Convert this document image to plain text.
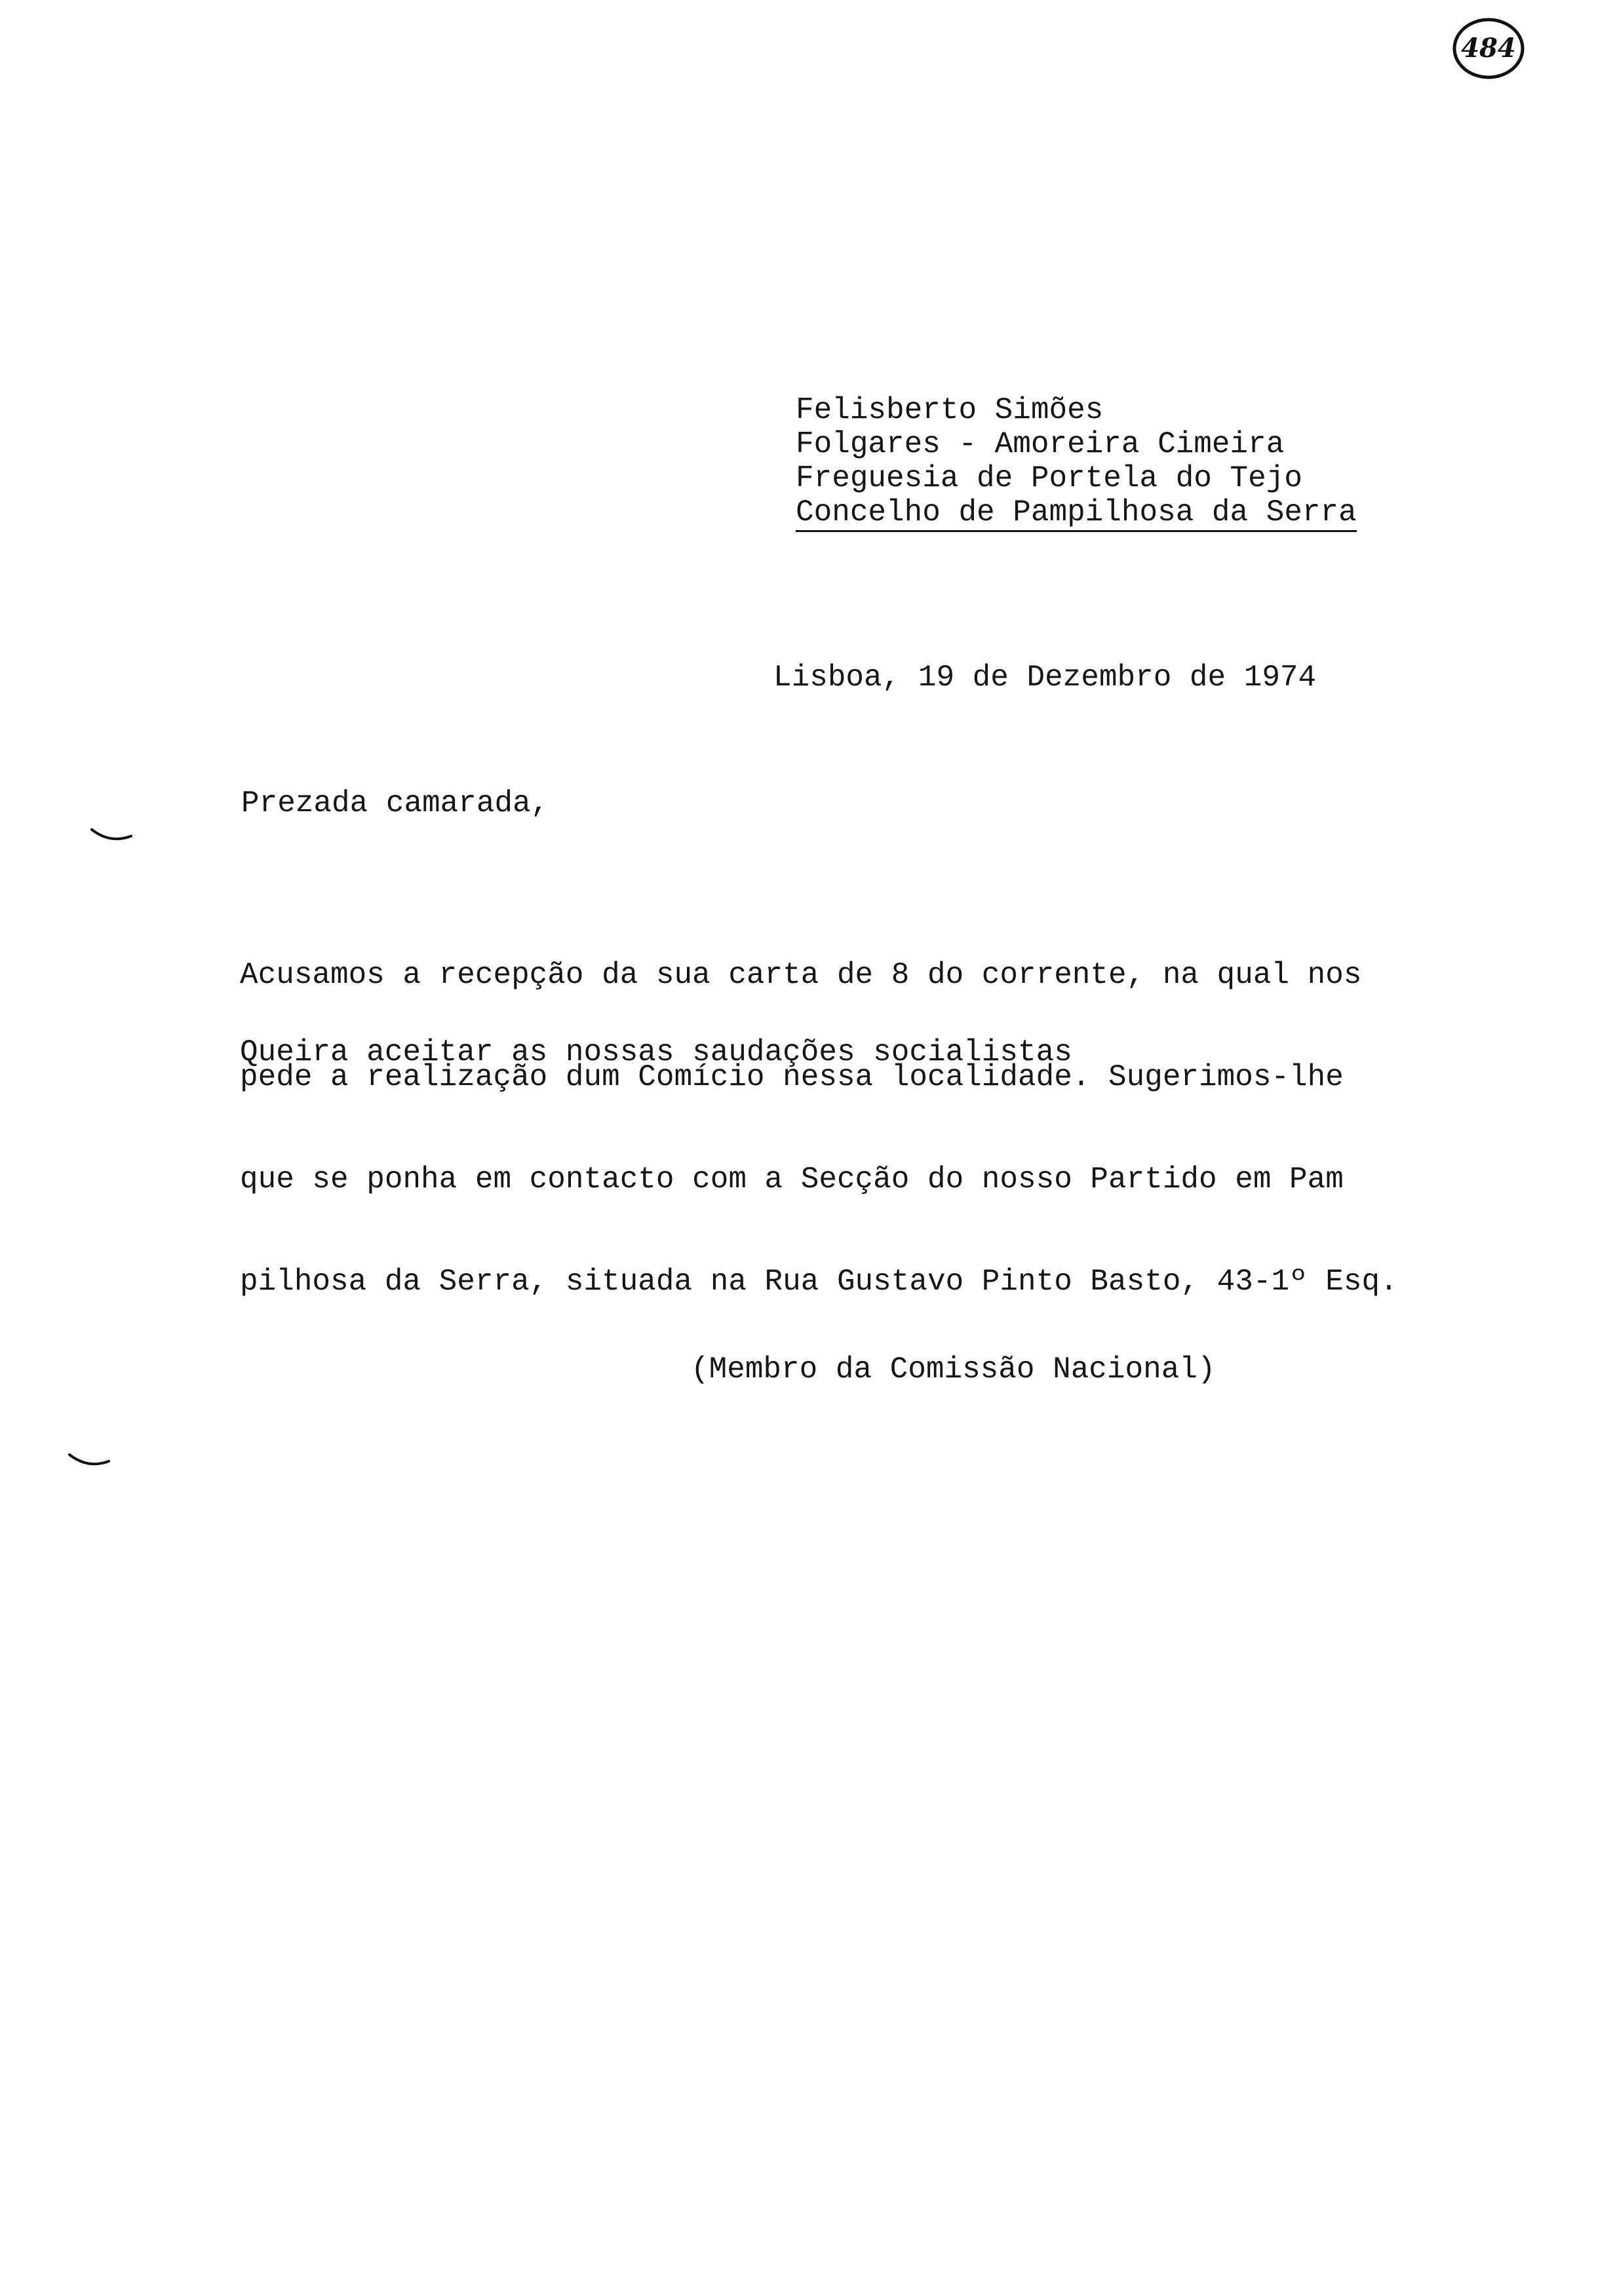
484
Felisberto Simões
Folgares - Amoreira Cimeira
Freguesia de Portela do Tejo
Concelho de Pampilhosa da Serra
Lisboa, 19 de Dezembro de 1974
Prezada camarada,

Acusamos a recepção da sua carta de 8 do corrente, na qual nos

pede a realização dum Comício nessa localidade. Sugerimos-lhe

que se ponha em contacto com a Secção do nosso Partido em Pam

pilhosa da Serra, situada na Rua Gustavo Pinto Basto, 43-1º Esq.

Queira aceitar as nossas saudações socialistas
(Membro da Comissão Nacional)
